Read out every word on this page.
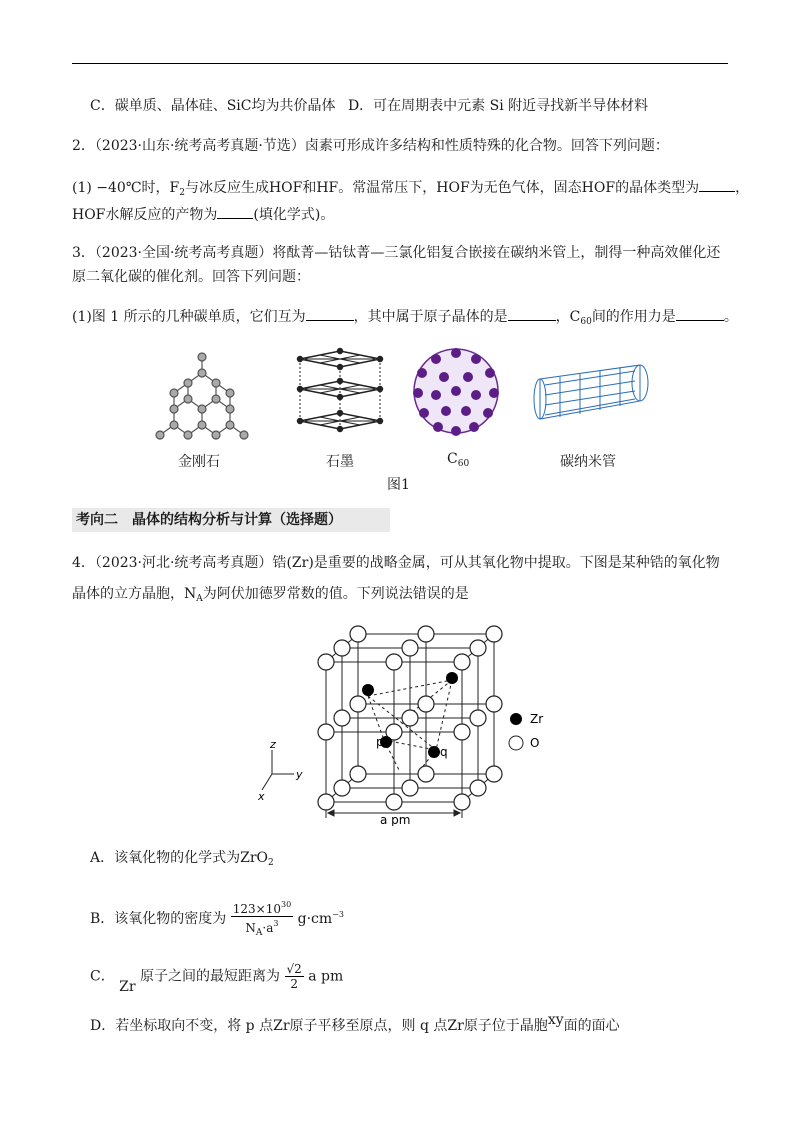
C．碳单质、晶体硅、SiC均为共价晶体 D．可在周期表中元素 Si 附近寻找新半导体材料
2．（2023·山东·统考高考真题·节选）卤素可形成许多结构和性质特殊的化合物。回答下列问题：
(1) −40℃时，$F_2$与冰反应生成HOF和HF。常温常压下，HOF为无色气体，固态HOF的晶体类型为	，
HOF水解反应的产物为	(填化学式)。
3．（2023·全国·统考高考真题）将酞菁—钴钛菁—三氯化铝复合嵌接在碳纳米管上，制得一种高效催化还
原二氧化碳的催化剂。回答下列问题：
(1)图 1 所示的几种碳单质，它们互为	，其中属于原子晶体的是	，$C_{60}$间的作用力是	。
金刚石	石墨	$C_{60}$	碳纳米管
图1
考向二　晶体的结构分析与计算（选择题）
4．（2023·河北·统考高考真题）锆(Zr)是重要的战略金属，可从其氧化物中提取。下图是某种锆的氧化物
晶体的立方晶胞，$N_A$为阿伏加德罗常数的值。下列说法错误的是
p
q
z
y
x
a pm
Zr
O
A．该氧化物的化学式为ZrO$_2$
B．该氧化物的密度为 $\frac{123\times 10^{30}}{N_A\cdot a^3} g\cdot cm^{-3}$
C． Zr 原子之间的最短距离为 $\frac{√2}{2}$ a pm
D．若坐标取向不变，将 p 点Zr原子平移至原点，则 q 点Zr原子位于晶胞xy面的面心
